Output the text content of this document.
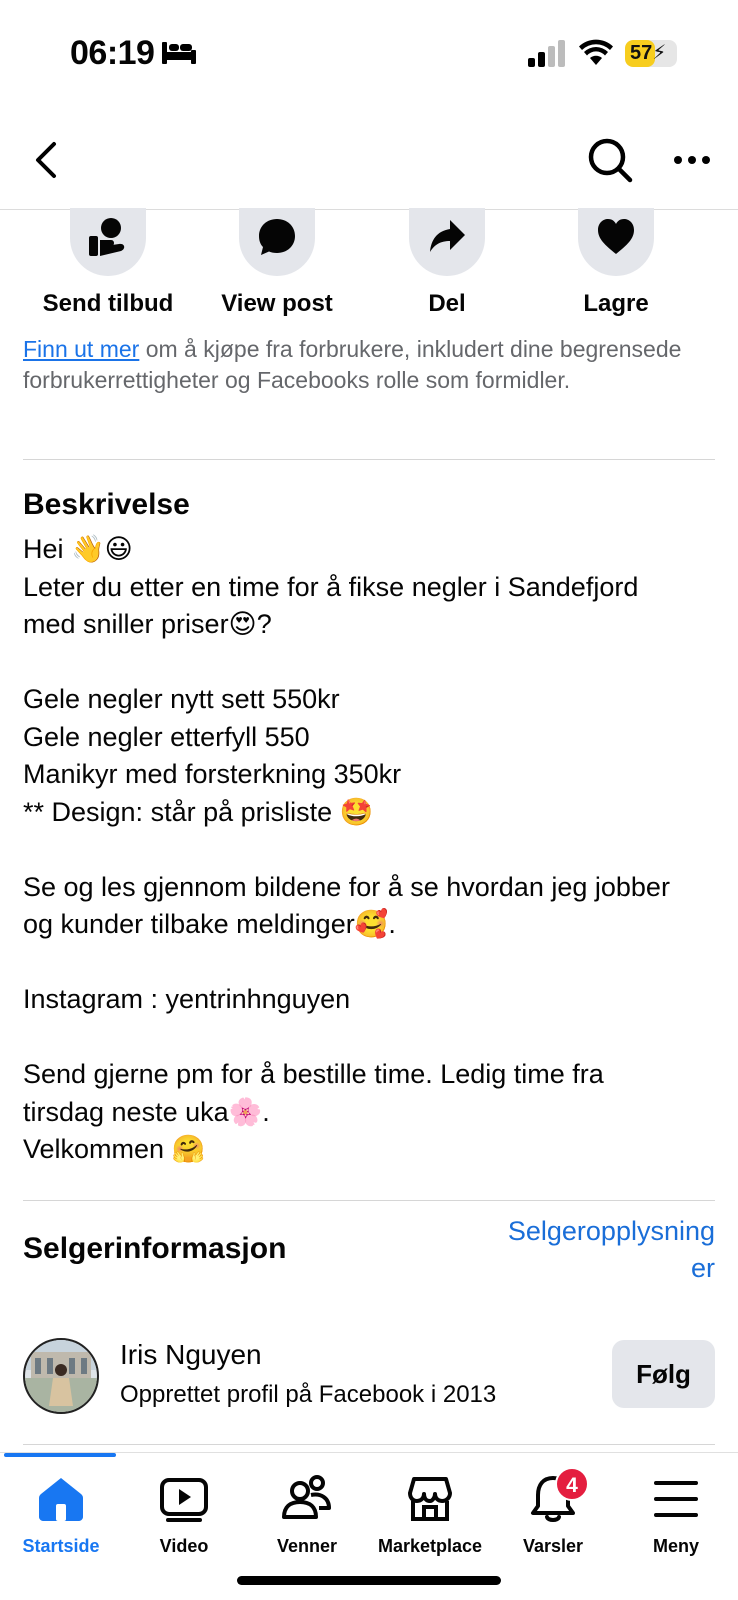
06:19	57⚡
Send tilbud	View post	Del	Lagre

Finn ut mer om å kjøpe fra forbrukere, inkludert dine begrensede forbrukerrettigheter og Facebooks rolle som formidler.

Beskrivelse
Hei 👋😃
Leter du etter en time for å fikse negler i Sandefjord
med sniller priser😍?
Gele negler nytt sett 550kr
Gele negler etterfyll 550
Manikyr med forsterkning 350kr
** Design: står på prisliste 🤩
Se og les gjennom bildene for å se hvordan jeg jobber
og kunder tilbake meldinger🥰.
Instagram : yentrinhnguyen
Send gjerne pm for å bestille time. Ledig time fra
tirsdag neste uka🌸.
Velkommen 🤗
Selgerinformasjon
Selgeropplysning
er
Iris Nguyen
Opprettet profil på Facebook i 2013
Følg
Startside	Video	Venner	Marketplace
4
Varsler	Meny
